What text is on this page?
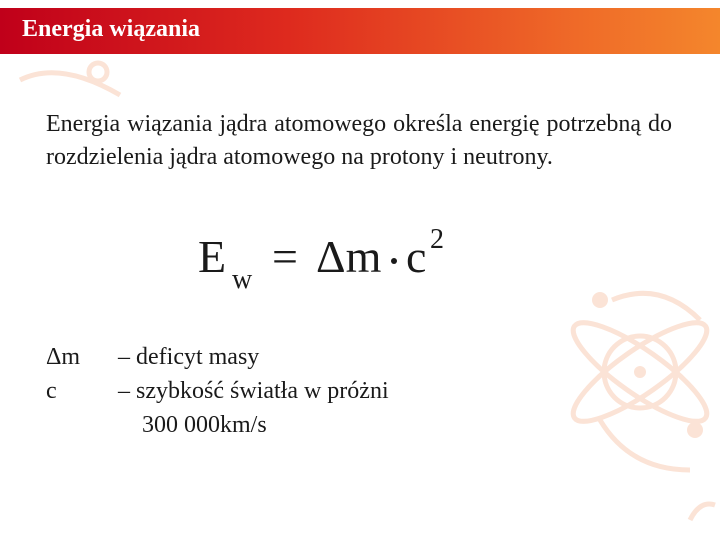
Energia wiązania
Energia wiązania jądra atomowego określa energię potrzebną do rozdzielenia jądra atomowego na protony i neutrony.
E w = Δm c 2
Δm – deficyt masy
c	– szybkość światła w próżni
300 000km/s
